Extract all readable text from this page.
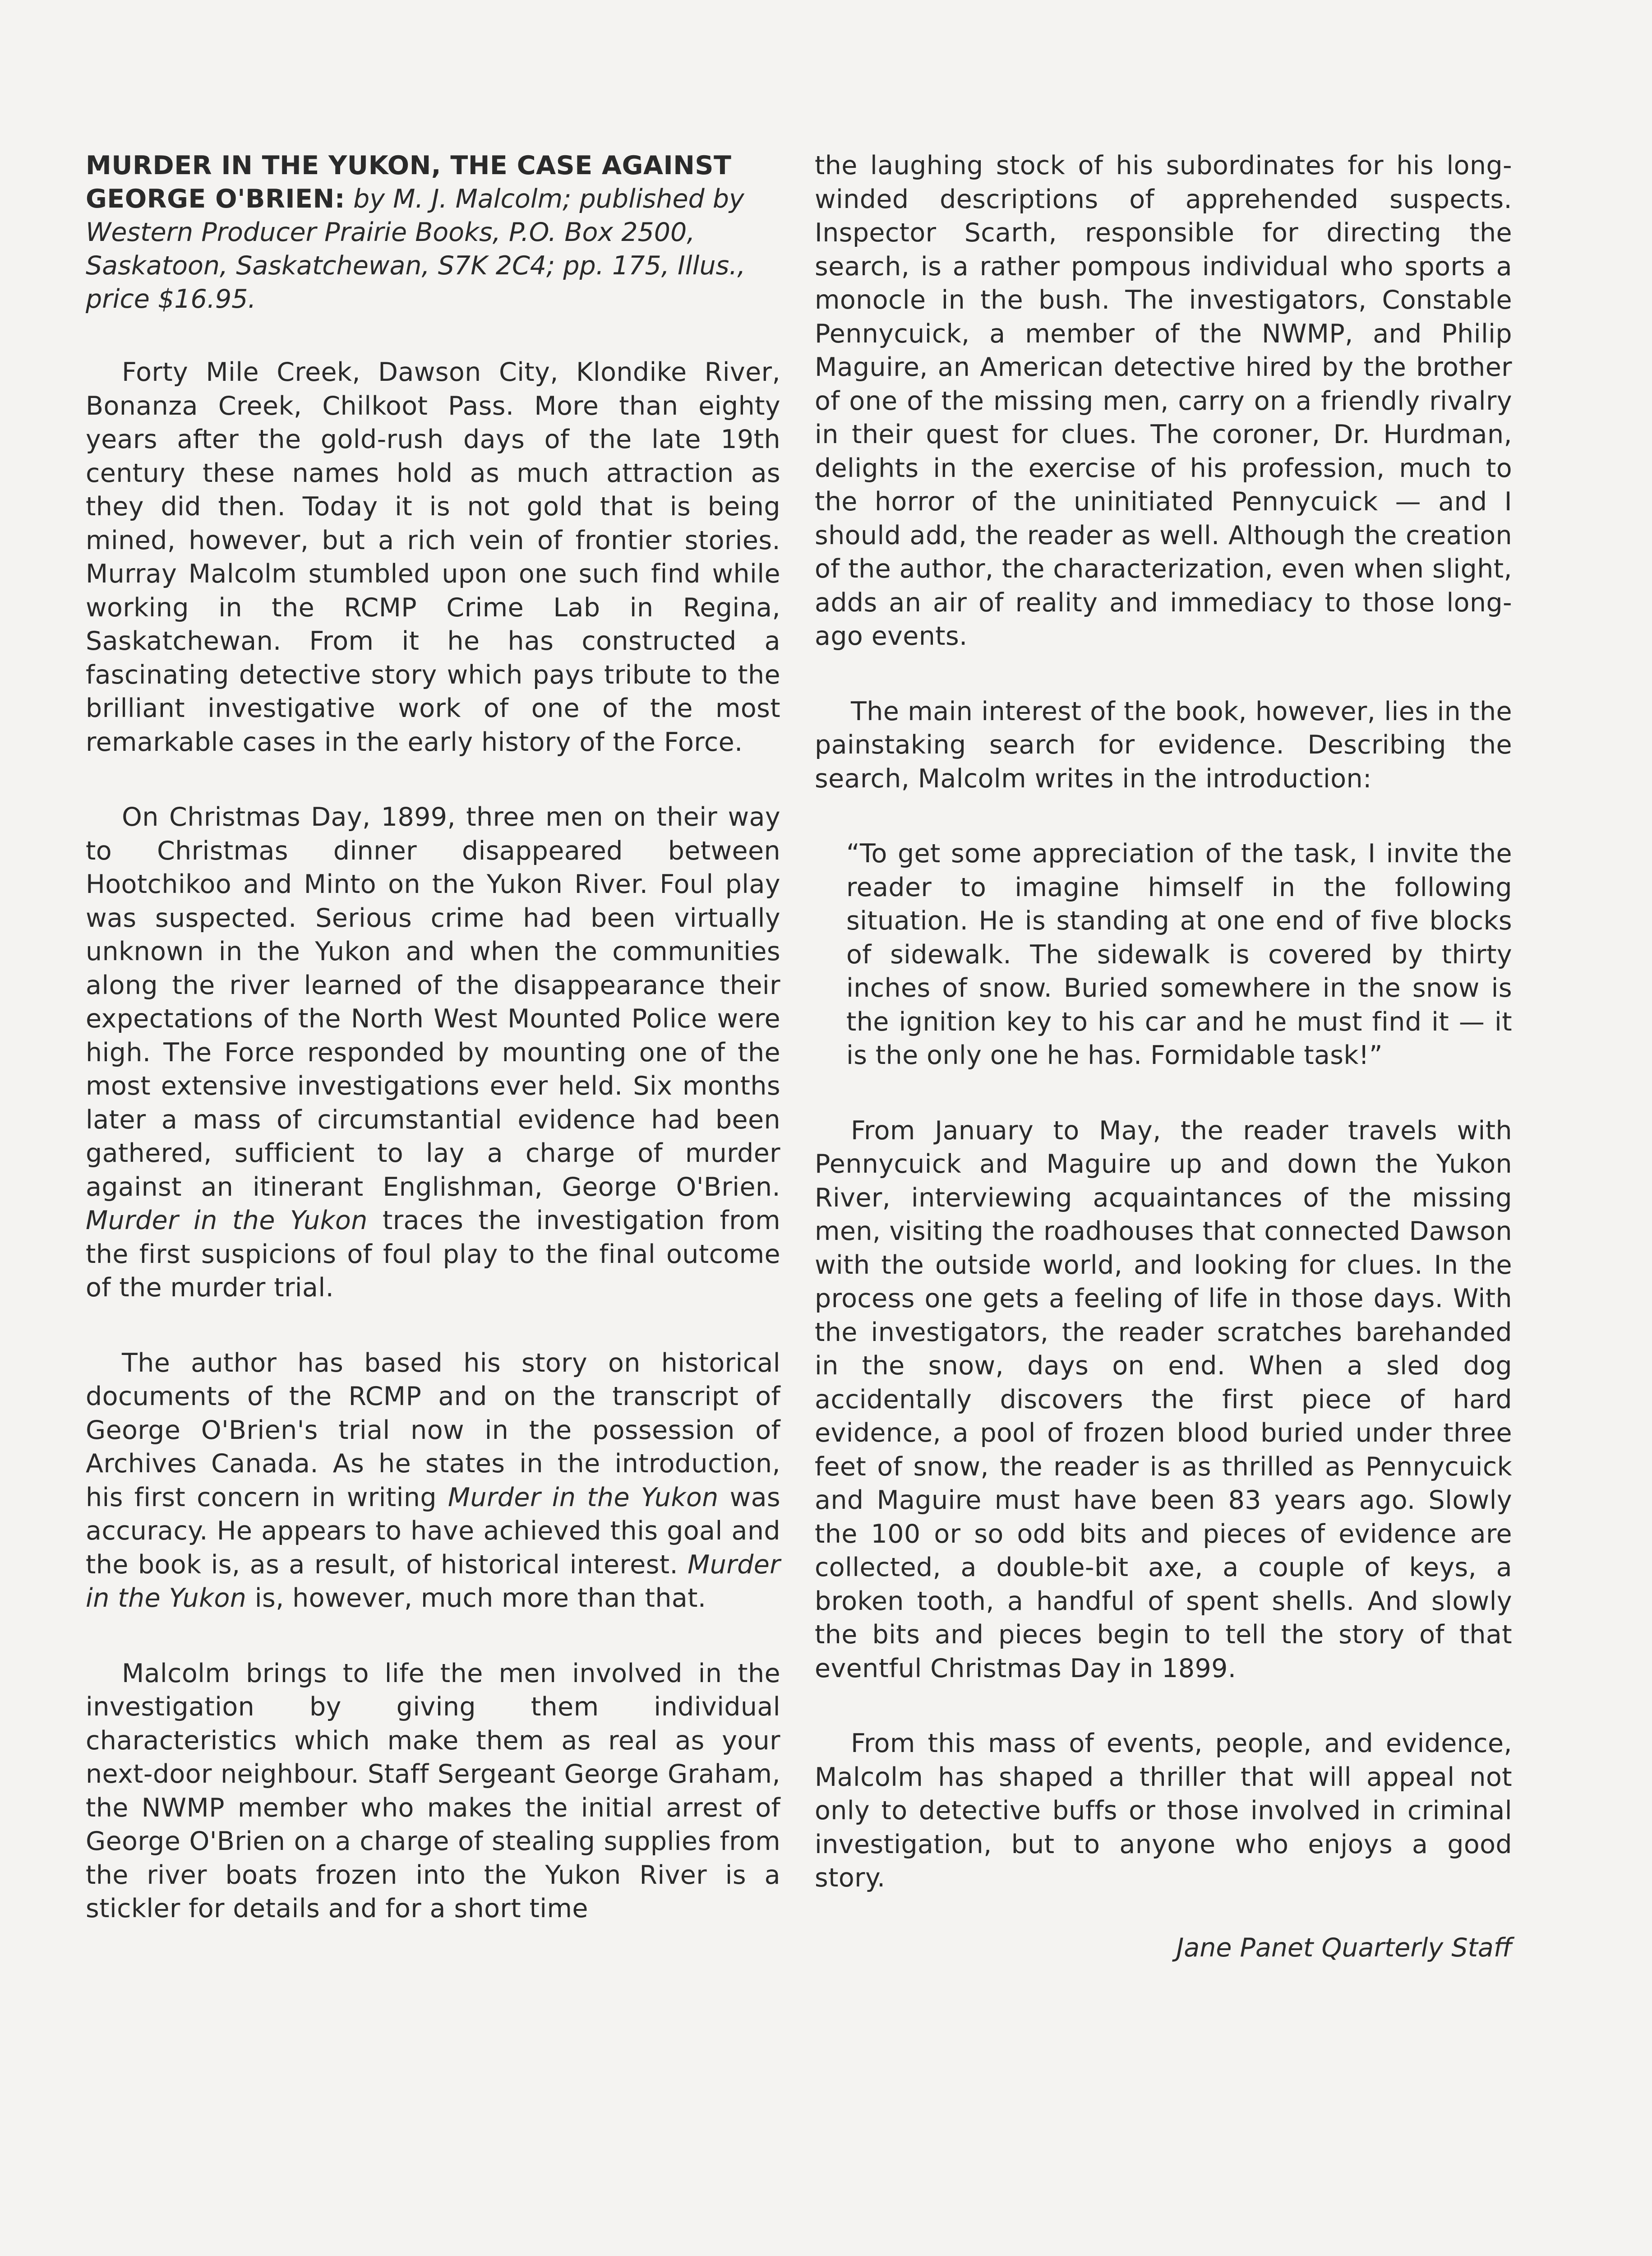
MURDER IN THE YUKON, THE CASE AGAINST GEORGE O'BRIEN: by M. J. Malcolm; published by Western Producer Prairie Books, P.O. Box 2500, Saskatoon, Saskatchewan, S7K 2C4; pp. 175, Illus., price $16.95.

Forty Mile Creek, Dawson City, Klondike River, Bonanza Creek, Chilkoot Pass. More than eighty years after the gold-rush days of the late 19th century these names hold as much attraction as they did then. Today it is not gold that is being mined, however, but a rich vein of frontier stories. Murray Malcolm stumbled upon one such find while working in the RCMP Crime Lab in Regina, Saskatchewan. From it he has constructed a fascinating detective story which pays tribute to the brilliant investigative work of one of the most remarkable cases in the early history of the Force.

On Christmas Day, 1899, three men on their way to Christmas dinner disappeared between Hootchikoo and Minto on the Yukon River. Foul play was suspected. Serious crime had been virtually unknown in the Yukon and when the communities along the river learned of the disappearance their expectations of the North West Mounted Police were high. The Force responded by mounting one of the most extensive investigations ever held. Six months later a mass of circumstantial evidence had been gathered, sufficient to lay a charge of murder against an itinerant Englishman, George O'Brien. Murder in the Yukon traces the investigation from the first suspicions of foul play to the final outcome of the murder trial.

The author has based his story on historical documents of the RCMP and on the transcript of George O'Brien's trial now in the possession of Archives Canada. As he states in the introduction, his first concern in writing Murder in the Yukon was accuracy. He appears to have achieved this goal and the book is, as a result, of historical interest. Murder in the Yukon is, however, much more than that.

Malcolm brings to life the men involved in the investigation by giving them individual characteristics which make them as real as your next-door neighbour. Staff Sergeant George Graham, the NWMP member who makes the initial arrest of George O'Brien on a charge of stealing supplies from the river boats frozen into the Yukon River is a stickler for details and for a short time

the laughing stock of his subordinates for his long-winded descriptions of apprehended suspects. Inspector Scarth, responsible for directing the search, is a rather pompous individual who sports a monocle in the bush. The investigators, Constable Pennycuick, a member of the NWMP, and Philip Maguire, an American detective hired by the brother of one of the missing men, carry on a friendly rivalry in their quest for clues. The coroner, Dr. Hurdman, delights in the exercise of his profession, much to the horror of the uninitiated Pennycuick — and I should add, the reader as well. Although the creation of the author, the characterization, even when slight, adds an air of reality and immediacy to those long-ago events.

The main interest of the book, however, lies in the painstaking search for evidence. Describing the search, Malcolm writes in the introduction:

“To get some appreciation of the task, I invite the reader to imagine himself in the following situation. He is standing at one end of five blocks of sidewalk. The sidewalk is covered by thirty inches of snow. Buried somewhere in the snow is the ignition key to his car and he must find it — it is the only one he has. Formidable task!”

From January to May, the reader travels with Pennycuick and Maguire up and down the Yukon River, interviewing acquaintances of the missing men, visiting the roadhouses that connected Dawson with the outside world, and looking for clues. In the process one gets a feeling of life in those days. With the investigators, the reader scratches barehanded in the snow, days on end. When a sled dog accidentally discovers the first piece of hard evidence, a pool of frozen blood buried under three feet of snow, the reader is as thrilled as Pennycuick and Maguire must have been 83 years ago. Slowly the 100 or so odd bits and pieces of evidence are collected, a double-bit axe, a couple of keys, a broken tooth, a handful of spent shells. And slowly the bits and pieces begin to tell the story of that eventful Christmas Day in 1899.

From this mass of events, people, and evidence, Malcolm has shaped a thriller that will appeal not only to detective buffs or those involved in criminal investigation, but to anyone who enjoys a good story.

Jane Panet Quarterly Staff
